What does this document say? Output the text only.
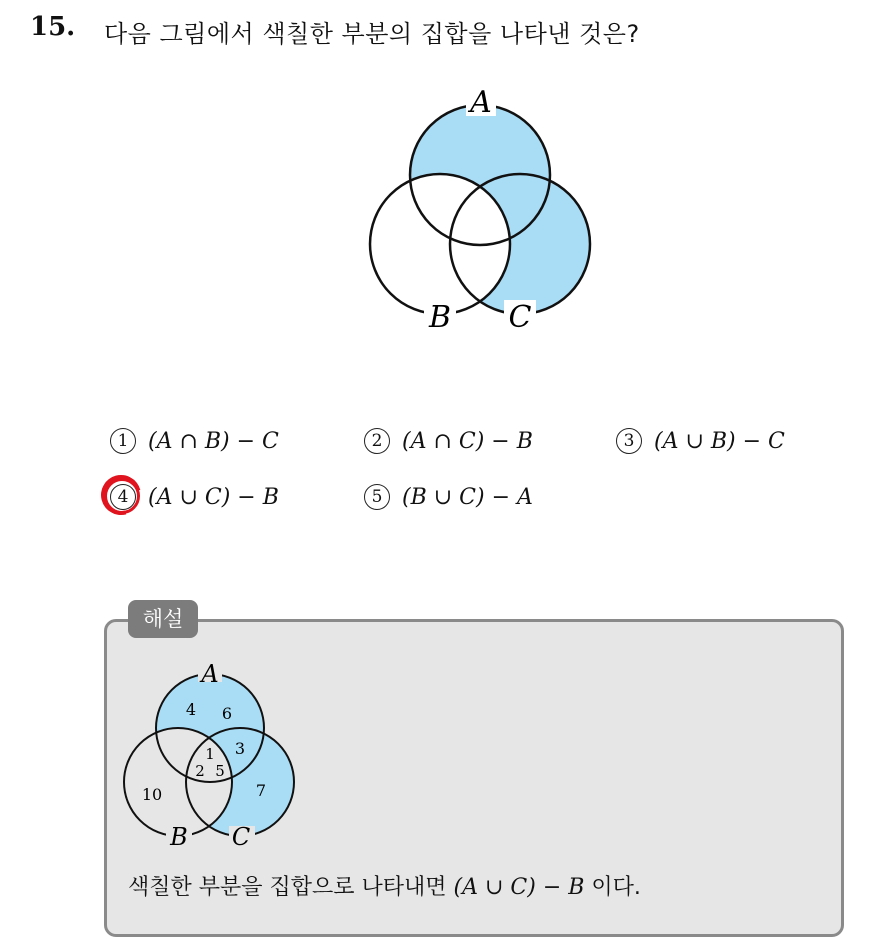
15. 다음 그림에서 색칠한 부분의 집합을 나타낸 것은?
A
B C
1 (A ∩ B) − C	2 (A ∩ C) − B	3 (A ∪ B) − C
4 (A ∪ C) − B	5 (B ∪ C) − A
해설
A
B C
4 6
3
1
2 5
10	7
색칠한 부분을 집합으로 나타내면 (A ∪ C) − B 이다.
